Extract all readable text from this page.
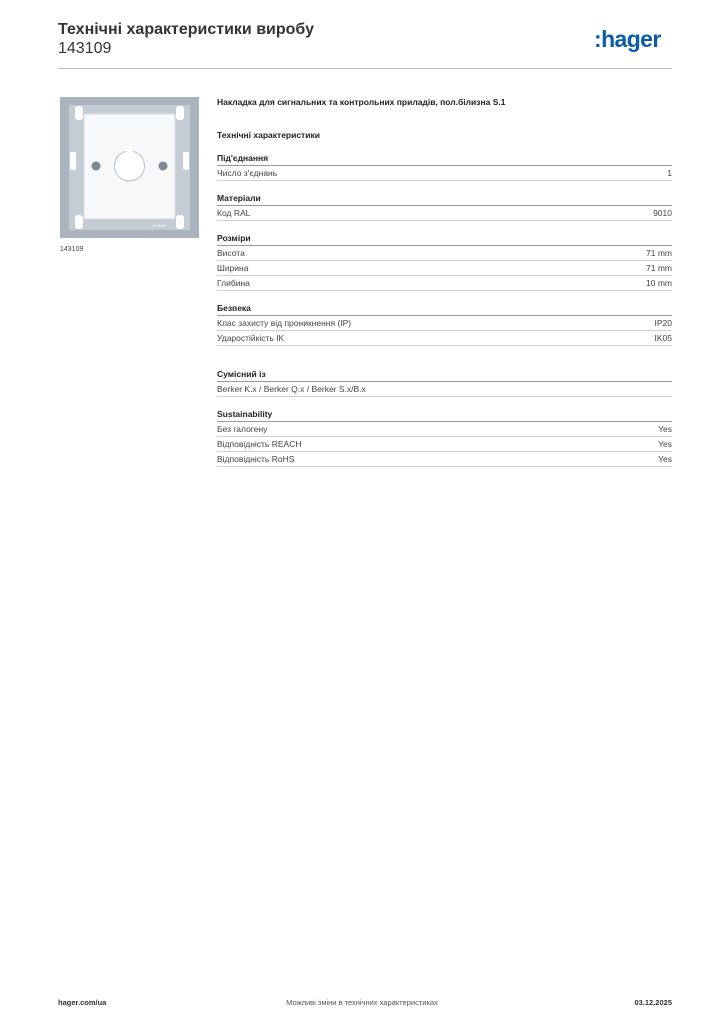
Технічні характеристики виробу
143109	:hager
143109
143109
Накладка для сигнальних та контрольних приладів, пол.білизна S.1
Технічні характеристики
Під'єднання
Число з'єднань	1
Матеріали
Код RAL	9010
Розміри
Висота	71 mm
Ширина	71 mm
Глибина	10 mm
Безпека
Клас захисту від проникнення (IP)	IP20
Ударостійкість IK	IK05
Сумісний із
Berker K.x / Berker Q.x / Berker S.x/B.x
Sustainability
Без галогену	Yes
Відповідність REACH	Yes
Відповідність RoHS	Yes
hager.com/ua	Можливі зміни в технічних характеристиках	03.12.2025
